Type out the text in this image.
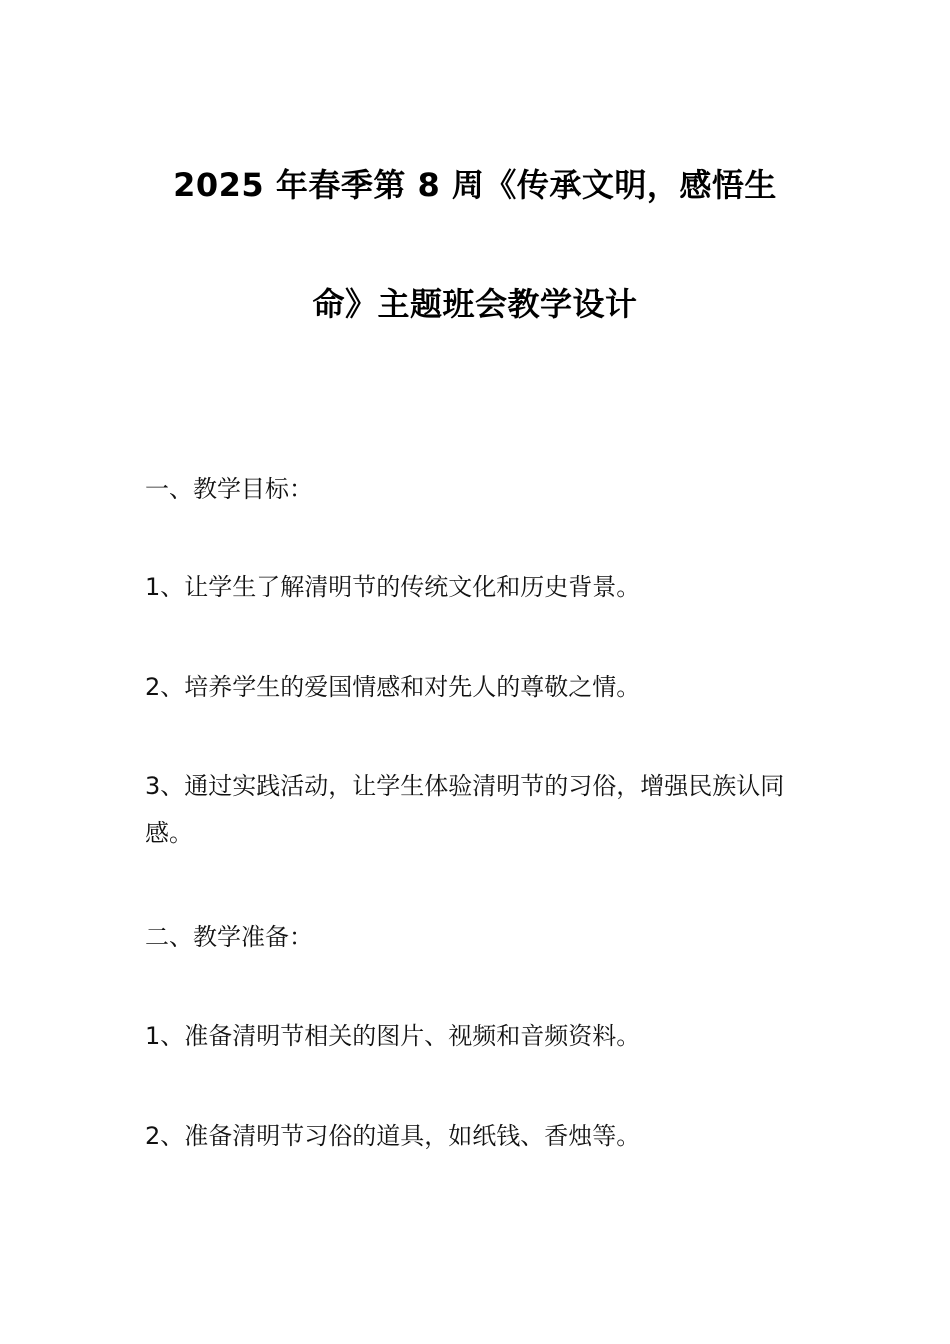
2025 年春季第 8 周《传承文明，感悟生
命》主题班会教学设计
一、教学目标：
1、让学生了解清明节的传统文化和历史背景。
2、培养学生的爱国情感和对先人的尊敬之情。
3、通过实践活动，让学生体验清明节的习俗，增强民族认同感。
二、教学准备：
1、准备清明节相关的图片、视频和音频资料。
2、准备清明节习俗的道具，如纸钱、香烛等。
